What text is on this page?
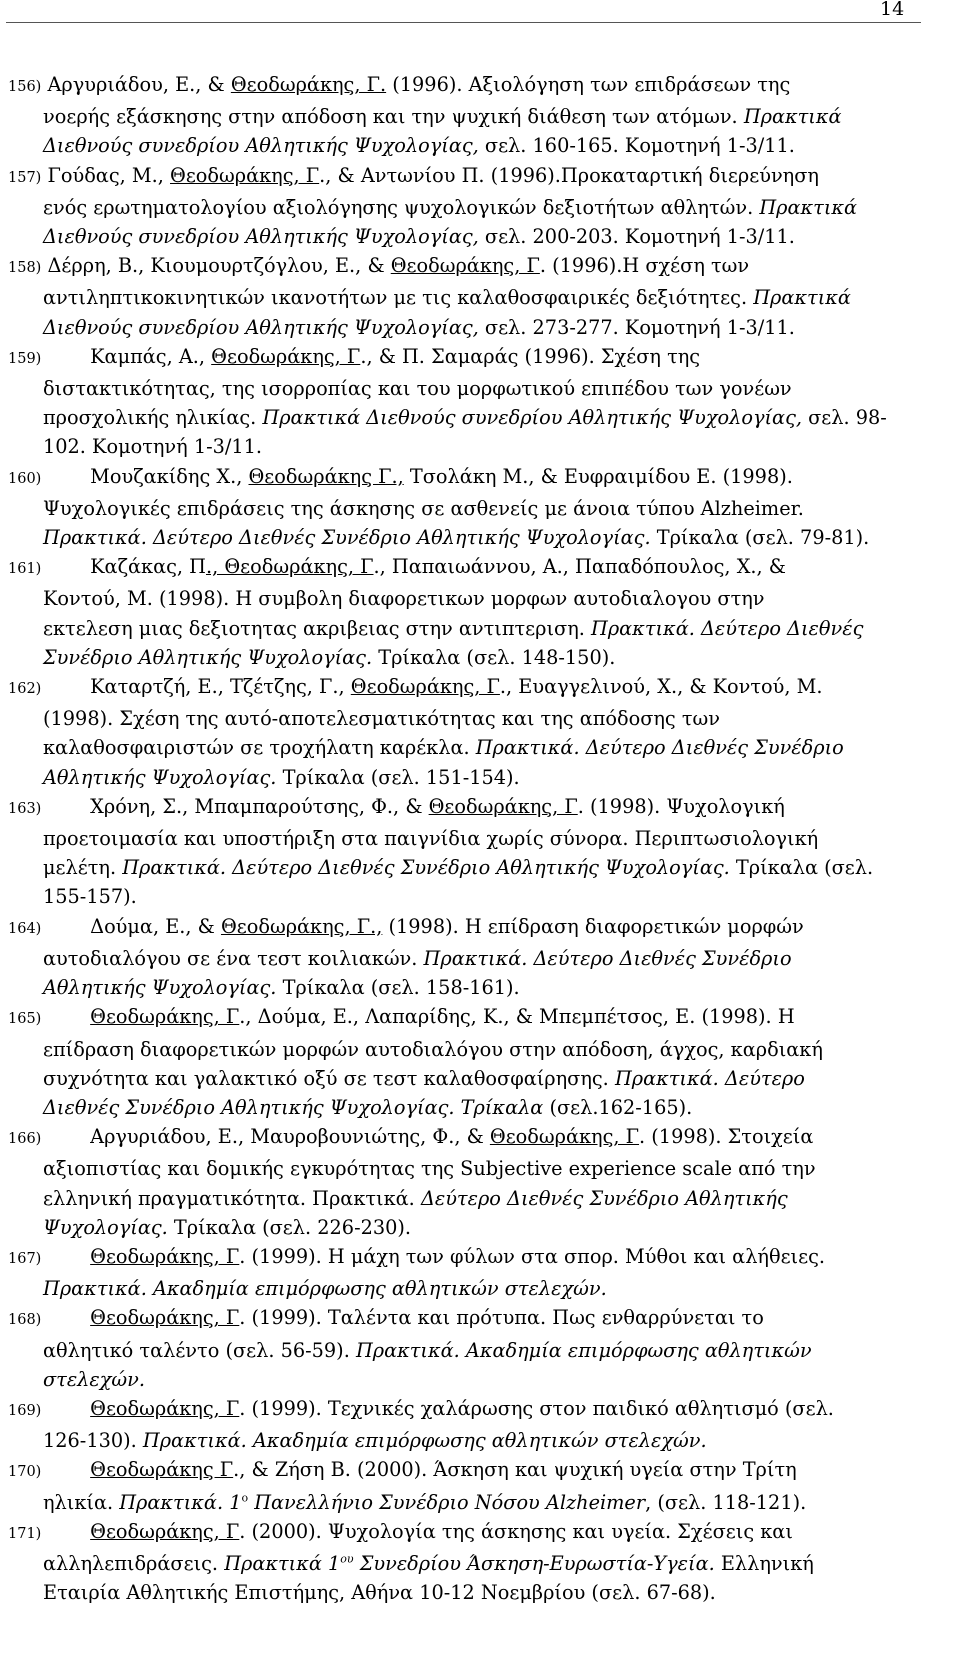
14
156) Αργυριάδου, Ε., & Θεοδωράκης, Γ. (1996). Αξιολόγηση των επιδράσεων της
νοερής εξάσκησης στην απόδοση και την ψυχική διάθεση των ατόμων. Πρακτικά
Διεθνούς συνεδρίου Αθλητικής Ψυχολογίας, σελ. 160-165. Κομοτηνή 1-3/11.
157) Γούδας, Μ., Θεοδωράκης, Γ., & Αντωνίου Π. (1996).Προκαταρτική διερεύνηση
ενός ερωτηματολογίου αξιολόγησης ψυχολογικών δεξιοτήτων αθλητών. Πρακτικά
Διεθνούς συνεδρίου Αθλητικής Ψυχολογίας, σελ. 200-203. Κομοτηνή 1-3/11.
158) Δέρρη, Β., Κιουμουρτζόγλου, Ε., & Θεοδωράκης, Γ. (1996).Η σχέση των
αντιληπτικοκινητικών ικανοτήτων με τις καλαθοσφαιρικές δεξιότητες. Πρακτικά
Διεθνούς συνεδρίου Αθλητικής Ψυχολογίας, σελ. 273-277. Κομοτηνή 1-3/11.
159)	Καμπάς, Α., Θεοδωράκης, Γ., & Π. Σαμαράς (1996). Σχέση της
διστακτικότητας, της ισορροπίας και του μορφωτικού επιπέδου των γονέων
προσχολικής ηλικίας. Πρακτικά Διεθνούς συνεδρίου Αθλητικής Ψυχολογίας, σελ. 98-
102. Κομοτηνή 1-3/11.
160)	Μουζακίδης Χ., Θεοδωράκης Γ., Τσολάκη Μ., & Ευφραιμίδου Ε. (1998).
Ψυχολογικές επιδράσεις της άσκησης σε ασθενείς με άνοια τύπου Alzheimer.
Πρακτικά. Δεύτερο Διεθνές Συνέδριο Αθλητικής Ψυχολογίας. Τρίκαλα (σελ. 79-81).
161)	Καζάκας, Π., Θεοδωράκης, Γ., Παπαιωάννου, Α., Παπαδόπουλος, Χ., &
Κοντού, Μ. (1998). Η συμβολη διαφορετικων μορφων αυτοδιαλογου στην
εκτελεση μιας δεξιοτητας ακριβειας στην αντιπτεριση. Πρακτικά. Δεύτερο Διεθνές
Συνέδριο Αθλητικής Ψυχολογίας. Τρίκαλα (σελ. 148-150).
162)	Καταρτζή, Ε., Τζέτζης, Γ., Θεοδωράκης, Γ., Ευαγγελινού, Χ., & Κοντού, Μ.
(1998). Σχέση της αυτό-αποτελεσματικότητας και της απόδοσης των
καλαθοσφαιριστών σε τροχήλατη καρέκλα. Πρακτικά. Δεύτερο Διεθνές Συνέδριο
Αθλητικής Ψυχολογίας. Τρίκαλα (σελ. 151-154).
163)	Χρόνη, Σ., Μπαμπαρούτσης, Φ., & Θεοδωράκης, Γ. (1998). Ψυχολογική
προετοιμασία και υποστήριξη στα παιγνίδια χωρίς σύνορα. Περιπτωσιολογική
μελέτη. Πρακτικά. Δεύτερο Διεθνές Συνέδριο Αθλητικής Ψυχολογίας. Τρίκαλα (σελ.
155-157).
164)	Δούμα, Ε., & Θεοδωράκης, Γ., (1998). Η επίδραση διαφορετικών μορφών
αυτοδιαλόγου σε ένα τεστ κοιλιακών. Πρακτικά. Δεύτερο Διεθνές Συνέδριο
Αθλητικής Ψυχολογίας. Τρίκαλα (σελ. 158-161).
165)	Θεοδωράκης, Γ., Δούμα, Ε., Λαπαρίδης, Κ., & Μπεμπέτσος, Ε. (1998). Η
επίδραση διαφορετικών μορφών αυτοδιαλόγου στην απόδοση, άγχος, καρδιακή
συχνότητα και γαλακτικό οξύ σε τεστ καλαθοσφαίρησης. Πρακτικά. Δεύτερο
Διεθνές Συνέδριο Αθλητικής Ψυχολογίας. Τρίκαλα (σελ.162-165).
166)	Αργυριάδου, Ε., Μαυροβουνιώτης, Φ., & Θεοδωράκης, Γ. (1998). Στοιχεία
αξιοπιστίας και δομικής εγκυρότητας της Subjective experience scale από την
ελληνική πραγματικότητα. Πρακτικά. Δεύτερο Διεθνές Συνέδριο Αθλητικής
Ψυχολογίας. Τρίκαλα (σελ. 226-230).
167)	Θεοδωράκης, Γ. (1999). Η μάχη των φύλων στα σπορ. Μύθοι και αλήθειες.
Πρακτικά. Ακαδημία επιμόρφωσης αθλητικών στελεχών.
168)	Θεοδωράκης, Γ. (1999). Ταλέντα και πρότυπα. Πως ενθαρρύνεται το
αθλητικό ταλέντο (σελ. 56-59). Πρακτικά. Ακαδημία επιμόρφωσης αθλητικών
στελεχών.
169)	Θεοδωράκης, Γ. (1999). Τεχνικές χαλάρωσης στον παιδικό αθλητισμό (σελ.
126-130). Πρακτικά. Ακαδημία επιμόρφωσης αθλητικών στελεχών.
170)	Θεοδωράκης Γ., & Ζήση Β. (2000). Άσκηση και ψυχική υγεία στην Τρίτη
ηλικία. Πρακτικά. $1^o$ Πανελλήνιο Συνέδριο Νόσου Alzheimer, (σελ. 118-121).
171)	Θεοδωράκης, Γ. (2000). Ψυχολογία της άσκησης και υγεία. Σχέσεις και
αλληλεπιδράσεις. Πρακτικά $1^{o\upsilon}$ Συνεδρίου Άσκηση-Ευρωστία-Υγεία. Ελληνική
Εταιρία Αθλητικής Επιστήμης, Αθήνα 10-12 Νοεμβρίου (σελ. 67-68).
